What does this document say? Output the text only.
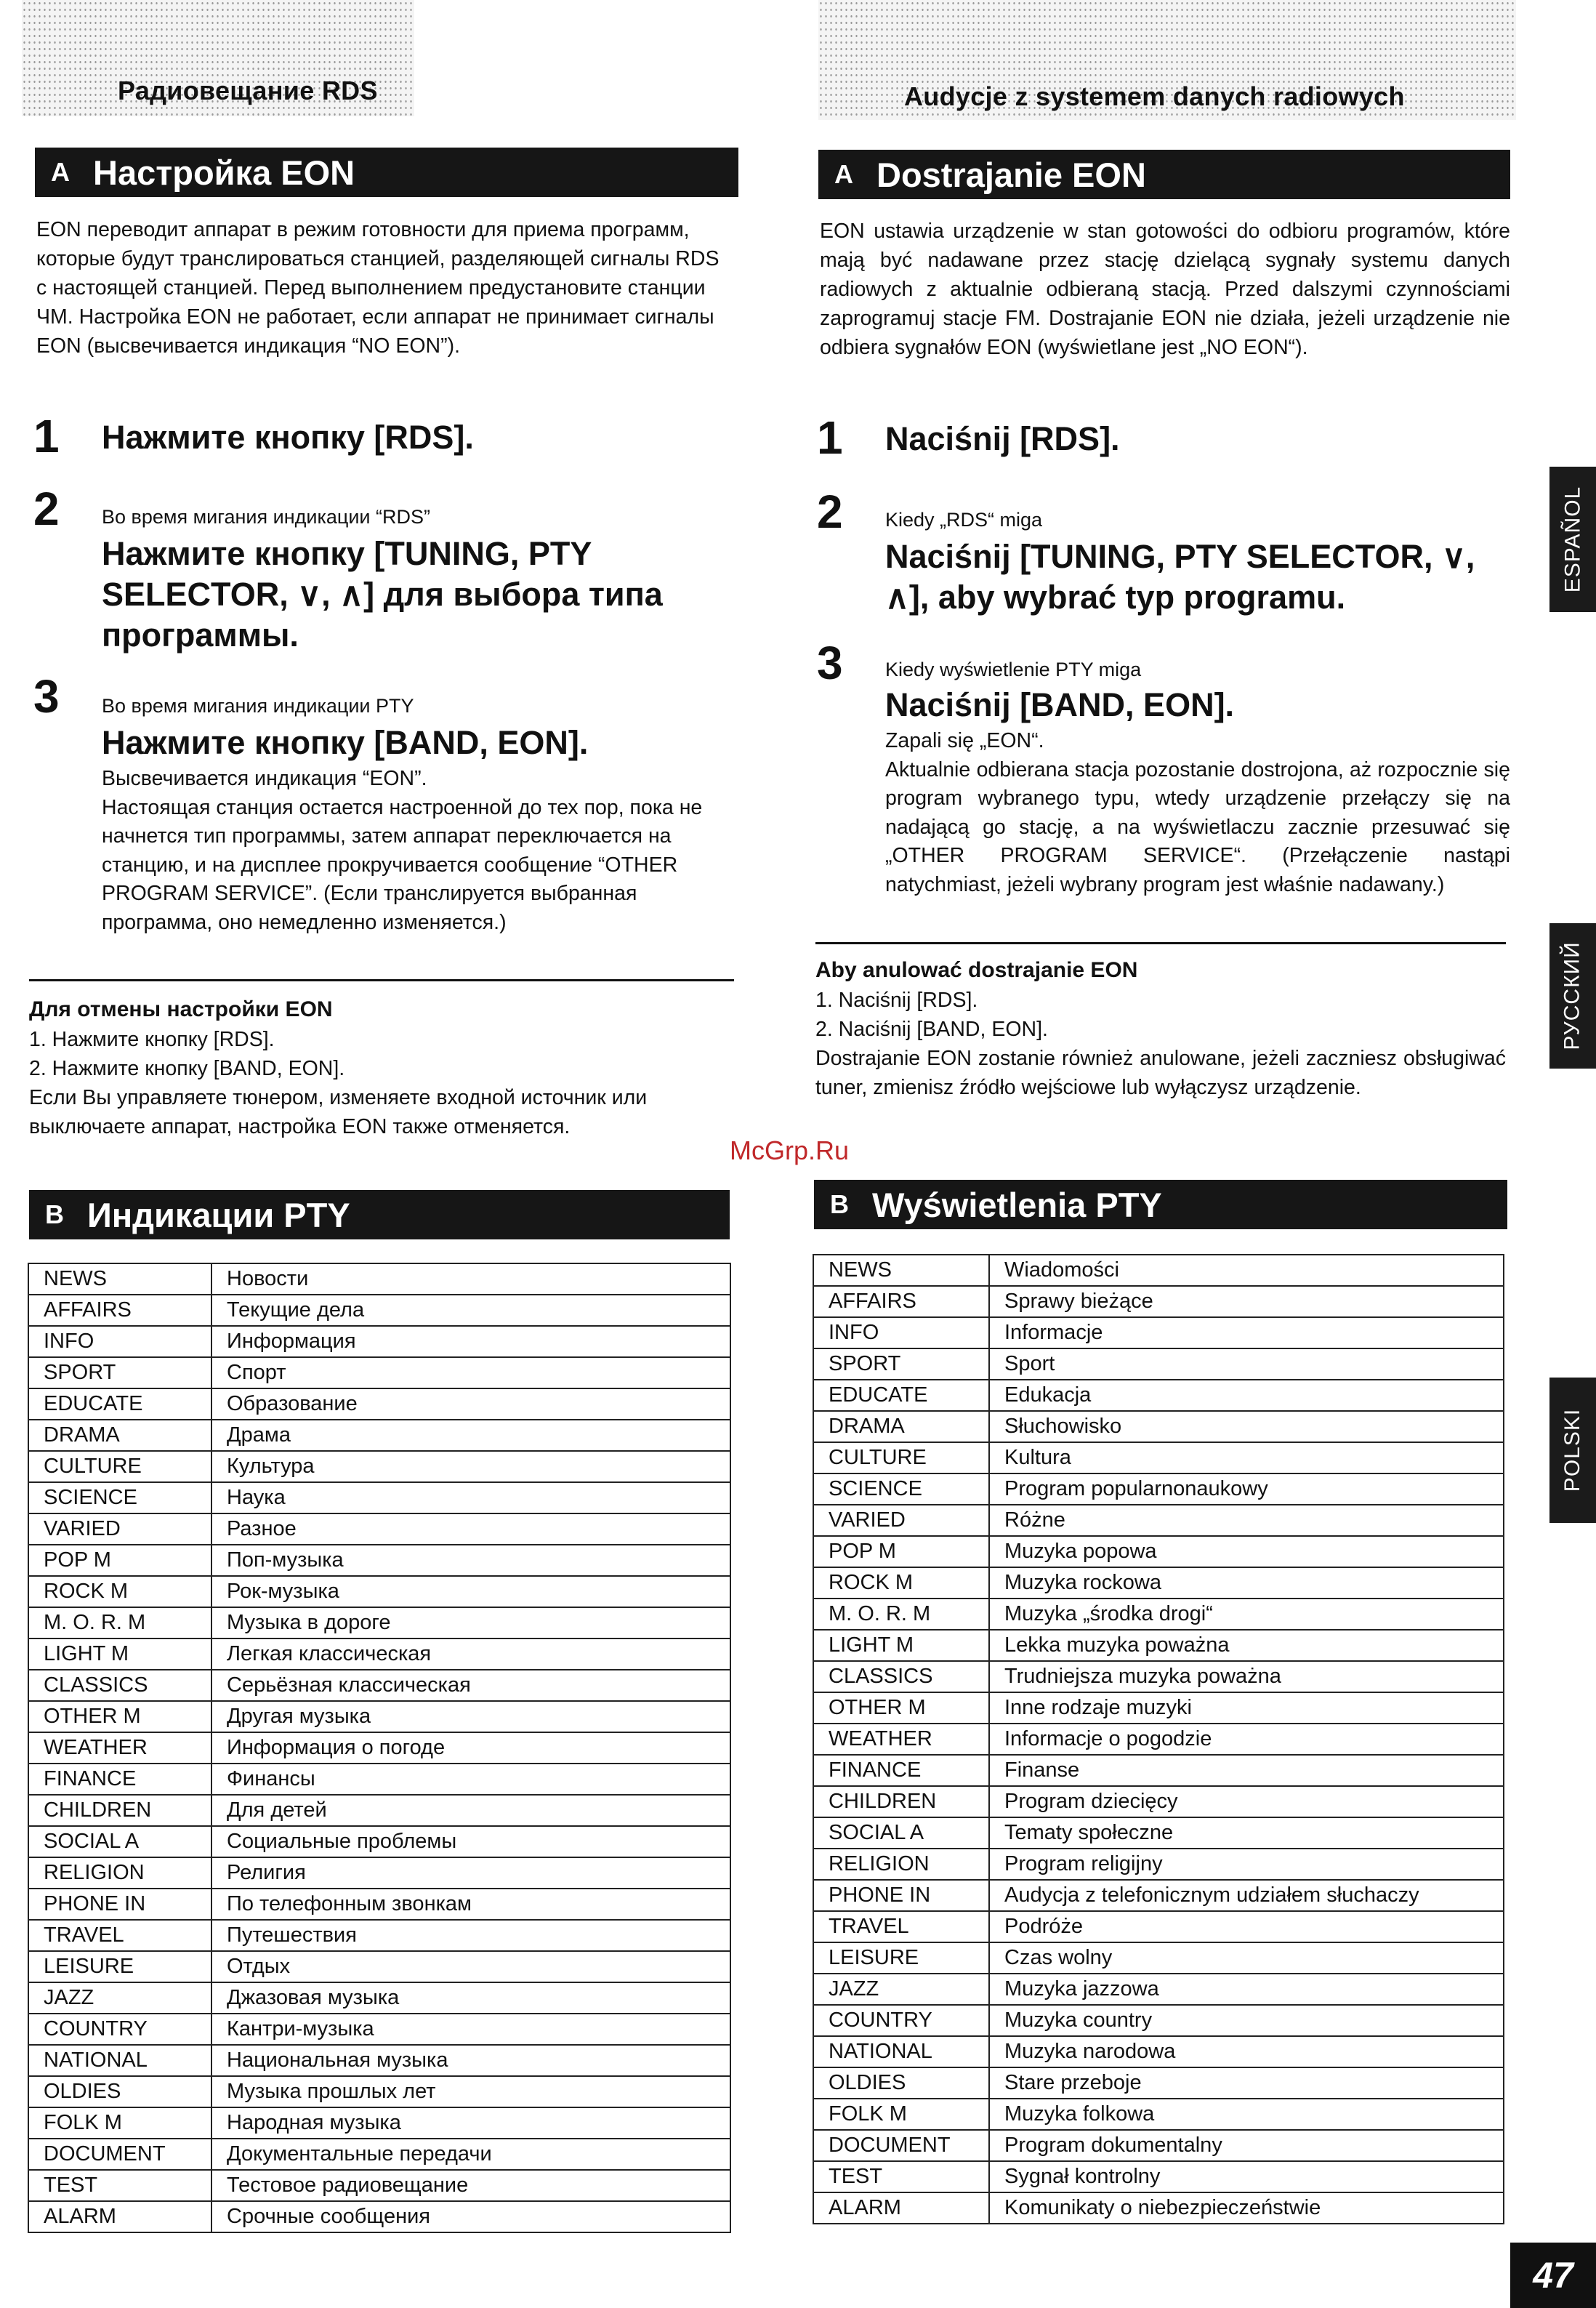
Радиовещание RDS
A Настройка EON

EON переводит аппарат в режим готовности для приема программ, которые будут транслироваться станцией, разделяющей сигналы RDS с настоящей станцией. Перед выполнением предустановите станции ЧМ. Настройка EON не работает, если аппарат не принимает сигналы EON (высвечивается индикация “NO EON”).

1 Нажмите кнопку [RDS].
2 Во время мигания индикации “RDS”
Нажмите кнопку [TUNING, PTY SELECTOR, ∨, ∧] для выбора типа программы.
3 Во время мигания индикации PTY
Нажмите кнопку [BAND, EON].
Высвечивается индикация “EON”.
Настоящая станция остается настроенной до тех пор, пока не начнется тип программы, затем аппарат переключается на станцию, и на дисплее прокручивается сообщение “OTHER PROGRAM SERVICE”. (Если транслируется выбранная программа, оно немедленно изменяется.)
Для отмены настройки EON

1. Нажмите кнопку [RDS].
2. Нажмите кнопку [BAND, EON].
Если Вы управляете тюнером, изменяете входной источник или выключаете аппарат, настройка EON также отменяется.

B Индикации PTY
NEWS	Новости
AFFAIRS	Текущие дела
INFO	Информация
SPORT	Спорт
EDUCATE	Образование
DRAMA	Драма
CULTURE	Культура
SCIENCE	Наука
VARIED	Разное
POP M	Поп-музыка
ROCK M	Рок-музыка
M. O. R. M	Музыка в дороге
LIGHT M	Легкая классическая
CLASSICS	Серьёзная классическая
OTHER M	Другая музыка
WEATHER	Информация о погоде
FINANCE	Финансы
CHILDREN	Для детей
SOCIAL A	Социальные проблемы
RELIGION	Религия
PHONE IN	По телефонным звонкам
TRAVEL	Путешествия
LEISURE	Отдых
JAZZ	Джазовая музыка
COUNTRY	Кантри-музыка
NATIONAL	Национальная музыка
OLDIES	Музыка прошлых лет
FOLK M	Народная музыка
DOCUMENT	Документальные передачи
TEST	Тестовое радиовещание
ALARM	Срочные сообщения
Audycje z systemem danych radiowych
A Dostrajanie EON

EON ustawia urządzenie w stan gotowości do odbioru programów, które mają być nadawane przez stację dzielącą sygnały systemu danych radiowych z aktualnie odbieraną stacją. Przed dalszymi czynnościami zaprogramuj stacje FM. Dostrajanie EON nie działa, jeżeli urządzenie nie odbiera sygnałów EON (wyświetlane jest „NO EON“).

1 Naciśnij [RDS].
2 Kiedy „RDS“ miga
Naciśnij [TUNING, PTY SELECTOR, ∨, ∧], aby wybrać typ programu.
3 Kiedy wyświetlenie PTY miga
Naciśnij [BAND, EON].
Zapali się „EON“.
Aktualnie odbierana stacja pozostanie dostrojona, aż rozpocznie się program wybranego typu, wtedy urządzenie przełączy się na nadającą go stację, a na wyświetlaczu zacznie przesuwać się „OTHER PROGRAM SERVICE“. (Przełączenie nastąpi natychmiast, jeżeli wybrany program jest właśnie nadawany.)
Aby anulować dostrajanie EON

1. Naciśnij [RDS].
2. Naciśnij [BAND, EON].
Dostrajanie EON zostanie również anulowane, jeżeli zaczniesz obsługiwać tuner, zmienisz źródło wejściowe lub wyłączysz urządzenie.

B Wyświetlenia PTY
NEWS	Wiadomości
AFFAIRS	Sprawy bieżące
INFO	Informacje
SPORT	Sport
EDUCATE	Edukacja
DRAMA	Słuchowisko
CULTURE	Kultura
SCIENCE	Program popularnonaukowy
VARIED	Różne
POP M	Muzyka popowa
ROCK M	Muzyka rockowa
M. O. R. M	Muzyka „środka drogi“
LIGHT M	Lekka muzyka poważna
CLASSICS	Trudniejsza muzyka poważna
OTHER M	Inne rodzaje muzyki
WEATHER	Informacje o pogodzie
FINANCE	Finanse
CHILDREN	Program dziecięcy
SOCIAL A	Tematy społeczne
RELIGION	Program religijny
PHONE IN	Audycja z telefonicznym udziałem słuchaczy
TRAVEL	Podróże
LEISURE	Czas wolny
JAZZ	Muzyka jazzowa
COUNTRY	Muzyka country
NATIONAL	Muzyka narodowa
OLDIES	Stare przeboje
FOLK M	Muzyka folkowa
DOCUMENT	Program dokumentalny
TEST	Sygnał kontrolny
ALARM	Komunikaty o niebezpieczeństwie
ESPAÑOL
РУССКИЙ
POLSKI
McGrp.Ru
47
